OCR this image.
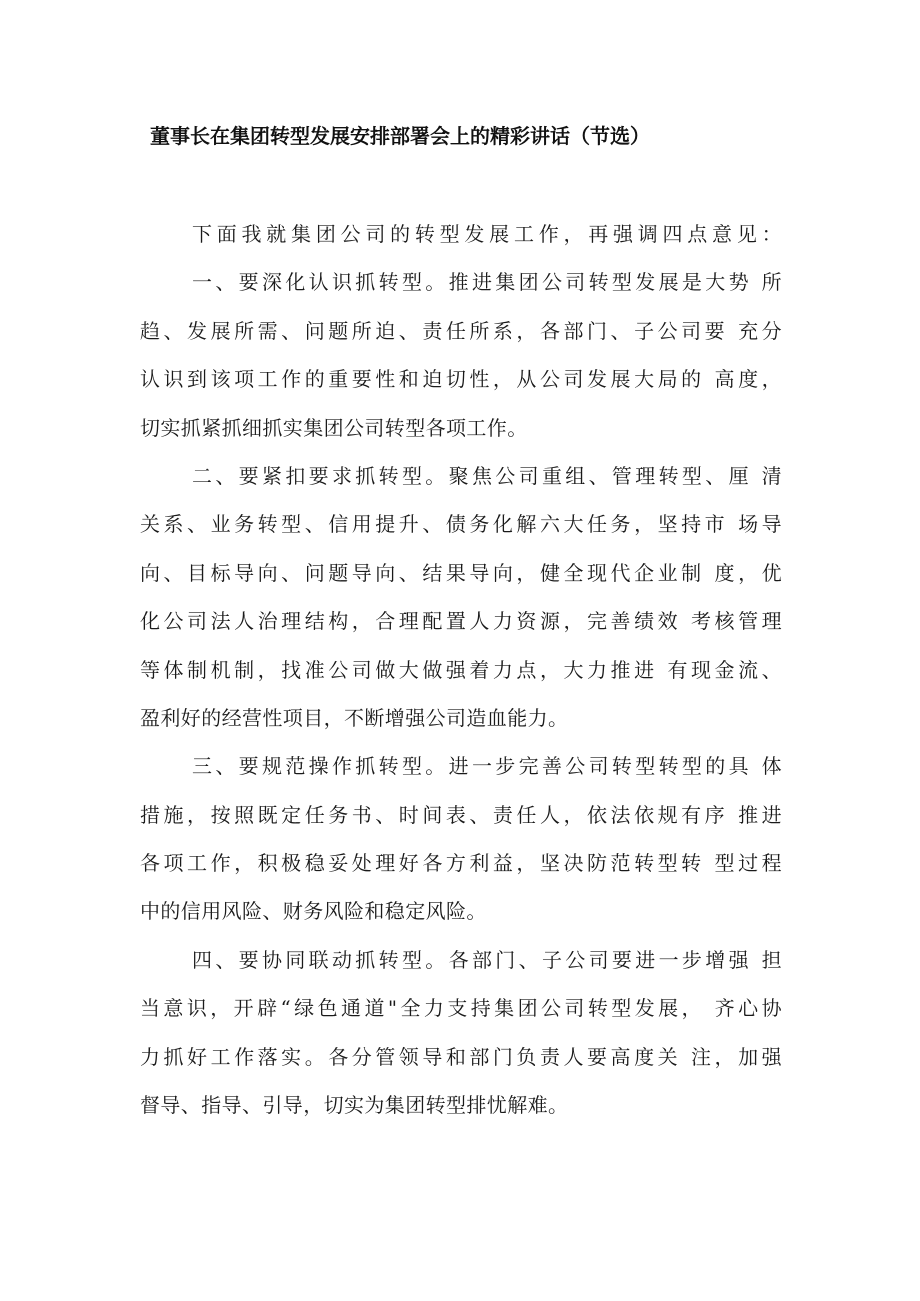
董事长在集团转型发展安排部署会上的精彩讲话（节选）
下面我就集团公司的转型发展工作，再强调四点意见：
一、要深化认识抓转型。推进集团公司转型发展是大势 所
趋、发展所需、问题所迫、责任所系，各部门、子公司要 充分
认识到该项工作的重要性和迫切性，从公司发展大局的 高度，
切实抓紧抓细抓实集团公司转型各项工作。
二、要紧扣要求抓转型。聚焦公司重组、管理转型、厘 清
关系、业务转型、信用提升、债务化解六大任务，坚持市 场导
向、目标导向、问题导向、结果导向，健全现代企业制 度，优
化公司法人治理结构，合理配置人力资源，完善绩效 考核管理
等体制机制，找准公司做大做强着力点，大力推进 有现金流、
盈利好的经营性项目，不断增强公司造血能力。
三、要规范操作抓转型。进一步完善公司转型转型的具 体
措施，按照既定任务书、时间表、责任人，依法依规有序 推进
各项工作，积极稳妥处理好各方利益，坚决防范转型转 型过程
中的信用风险、财务风险和稳定风险。
四、要协同联动抓转型。各部门、子公司要进一步增强 担
当意识，开辟“绿色通道"全力支持集团公司转型发展， 齐心协
力抓好工作落实。各分管领导和部门负责人要高度关 注，加强
督导、指导、引导，切实为集团转型排忧解难。
